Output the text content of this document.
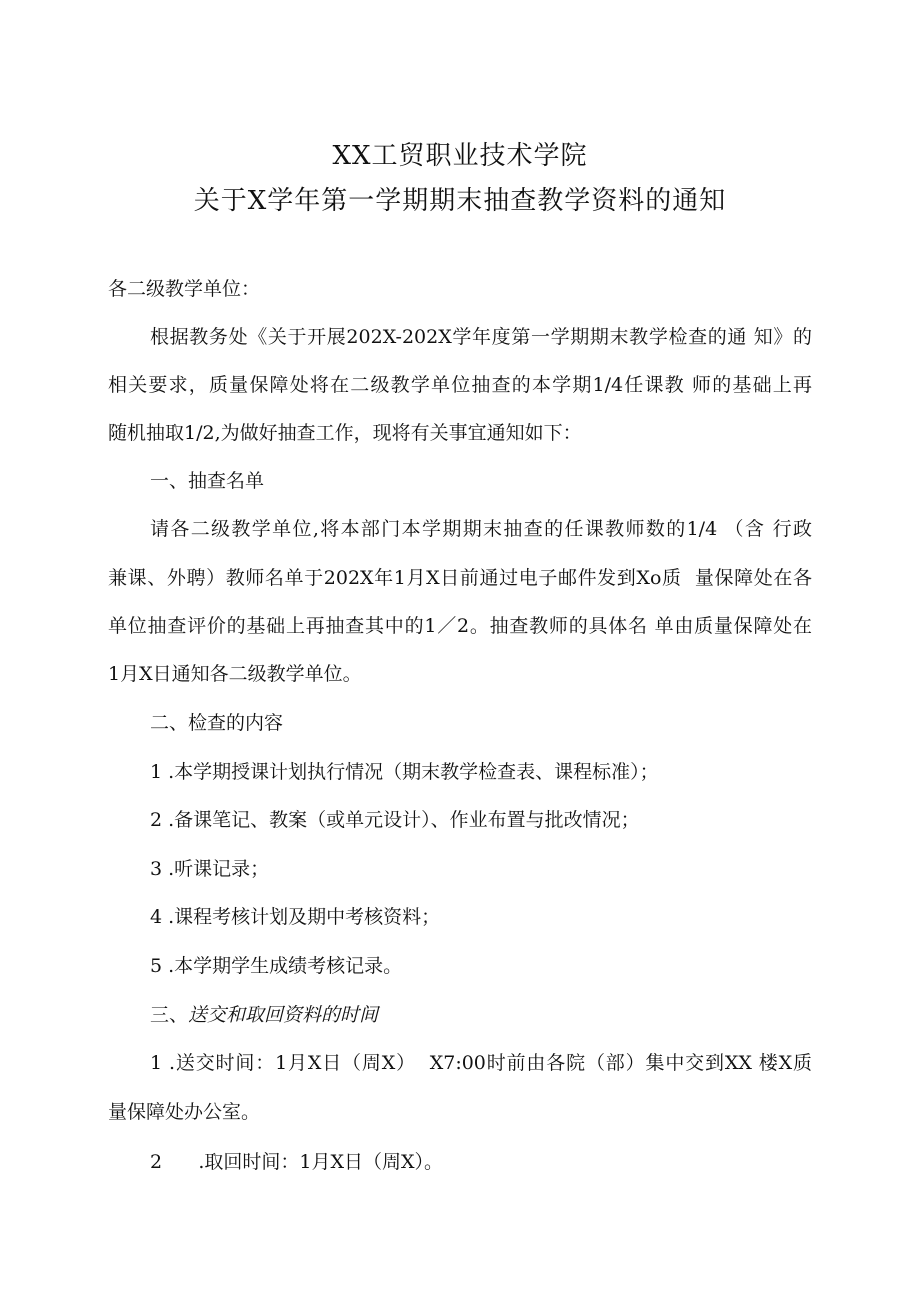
XX工贸职业技术学院
关于X学年第一学期期末抽查教学资料的通知
各二级教学单位：
根据教务处《关于开展202X-202X学年度第一学期期末教学检查的通 知》的
相关要求，质量保障处将在二级教学单位抽查的本学期1/4任课教 师的基础上再
随机抽取1/2,为做好抽查工作，现将有关事宜通知如下：
一、抽查名单
请各二级教学单位,将本部门本学期期末抽查的任课教师数的1/4 （含 行政
兼课、外聘）教师名单于202X年1月X日前通过电子邮件发到Xo质  量保障处在各
单位抽查评价的基础上再抽查其中的1／2。抽查教师的具体名 单由质量保障处在
1月X日通知各二级教学单位。
二、检查的内容
1 .本学期授课计划执行情况（期末教学检查表、课程标准）；
2 .备课笔记、教案（或单元设计）、作业布置与批改情况；
3 .听课记录；
4 .课程考核计划及期中考核资料；
5 .本学期学生成绩考核记录。
三、送交和取回资料的时间
1 .送交时间：1月X日（周X）  X7:00时前由各院（部）集中交到XX 楼X质
量保障处办公室。
2      .取回时间：1月X日（周X）。
